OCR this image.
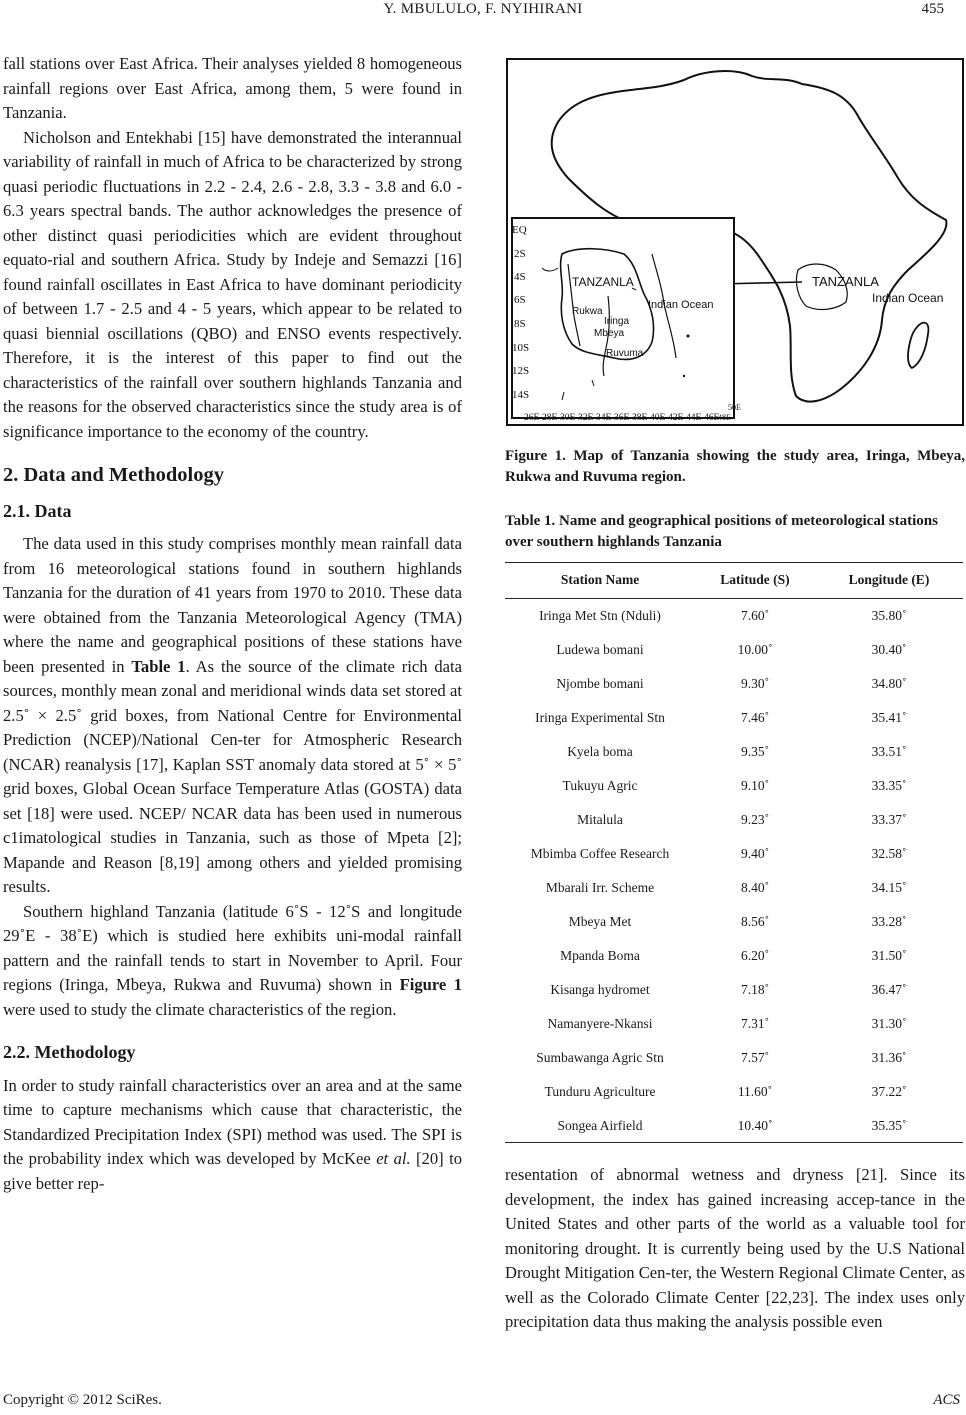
Y. MBULULO, F. NYIHIRANI	455

fall stations over East Africa. Their analyses yielded 8 homogeneous rainfall regions over East Africa, among them, 5 were found in Tanzania.

Nicholson and Entekhabi [15] have demonstrated the interannual variability of rainfall in much of Africa to be characterized by strong quasi periodic fluctuations in 2.2 - 2.4, 2.6 - 2.8, 3.3 - 3.8 and 6.0 - 6.3 years spectral bands. The author acknowledges the presence of other distinct quasi periodicities which are evident throughout equato-rial and southern Africa. Study by Indeje and Semazzi [16] found rainfall oscillates in East Africa to have dominant periodicity of between 1.7 - 2.5 and 4 - 5 years, which appear to be related to quasi biennial oscillations (QBO) and ENSO events respectively. Therefore, it is the interest of this paper to find out the characteristics of the rainfall over southern highlands Tanzania and the reasons for the observed characteristics since the study area is of significance importance to the economy of the country.

2. Data and Methodology

2.1. Data

The data used in this study comprises monthly mean rainfall data from 16 meteorological stations found in southern highlands Tanzania for the duration of 41 years from 1970 to 2010. These data were obtained from the Tanzania Meteorological Agency (TMA) where the name and geographical positions of these stations have been presented in Table 1. As the source of the climate rich data sources, monthly mean zonal and meridional winds data set stored at 2.5˚ × 2.5˚ grid boxes, from National Centre for Environmental Prediction (NCEP)/National Cen-ter for Atmospheric Research (NCAR) reanalysis [17], Kaplan SST anomaly data stored at 5˚ × 5˚ grid boxes, Global Ocean Surface Temperature Atlas (GOSTA) data set [18] were used. NCEP/ NCAR data has been used in numerous c1imatological studies in Tanzania, such as those of Mpeta [2]; Mapande and Reason [8,19] among others and yielded promising results.

Southern highland Tanzania (latitude 6˚S - 12˚S and longitude 29˚E - 38˚E) which is studied here exhibits uni-modal rainfall pattern and the rainfall tends to start in November to April. Four regions (Iringa, Mbeya, Rukwa and Ruvuma) shown in Figure 1 were used to study the climate characteristics of the region.

2.2. Methodology

In order to study rainfall characteristics over an area and at the same time to capture mechanisms which cause that characteristic, the Standardized Precipitation Index (SPI) method was used. The SPI is the probability index which was developed by McKee et al. [20] to give better rep-

EQ
2S
4S
6S
8S
10S
12S
14S
26E 28E 30E 32E 34E 36E 38E 40E 42E 44E 46E
48E
50E
TANZANLA
Indian Ocean
Rukwa
Iringa
Mbeya
Ruvuma
TANZANLA
Indian Ocean
Figure 1. Map of Tanzania showing the study area, Iringa, Mbeya, Rukwa and Ruvuma region.
Table 1. Name and geographical positions of meteorological stations over southern highlands Tanzania
Station Name	Latitude (S)	Longitude (E)
Iringa Met Stn (Nduli)	7.60˚	35.80˚
Ludewa bomani	10.00˚	30.40˚
Njombe bomani	9.30˚	34.80˚
Iringa Experimental Stn	7.46˚	35.41˚
Kyela boma	9.35˚	33.51˚
Tukuyu Agric	9.10˚	33.35˚
Mitalula	9.23˚	33.37˚
Mbimba Coffee Research	9.40˚	32.58˚
Mbarali Irr. Scheme	8.40˚	34.15˚
Mbeya Met	8.56˚	33.28˚
Mpanda Boma	6.20˚	31.50˚
Kisanga hydromet	7.18˚	36.47˚
Namanyere-Nkansi	7.31˚	31.30˚
Sumbawanga Agric Stn	7.57˚	31.36˚
Tunduru Agriculture	11.60˚	37.22˚
Songea Airfield	10.40˚	35.35˚

resentation of abnormal wetness and dryness [21]. Since its development, the index has gained increasing accep-tance in the United States and other parts of the world as a valuable tool for monitoring drought. It is currently being used by the U.S National Drought Mitigation Cen-ter, the Western Regional Climate Center, as well as the Colorado Climate Center [22,23]. The index uses only precipitation data thus making the analysis possible even

Copyright © 2012 SciRes.	ACS
